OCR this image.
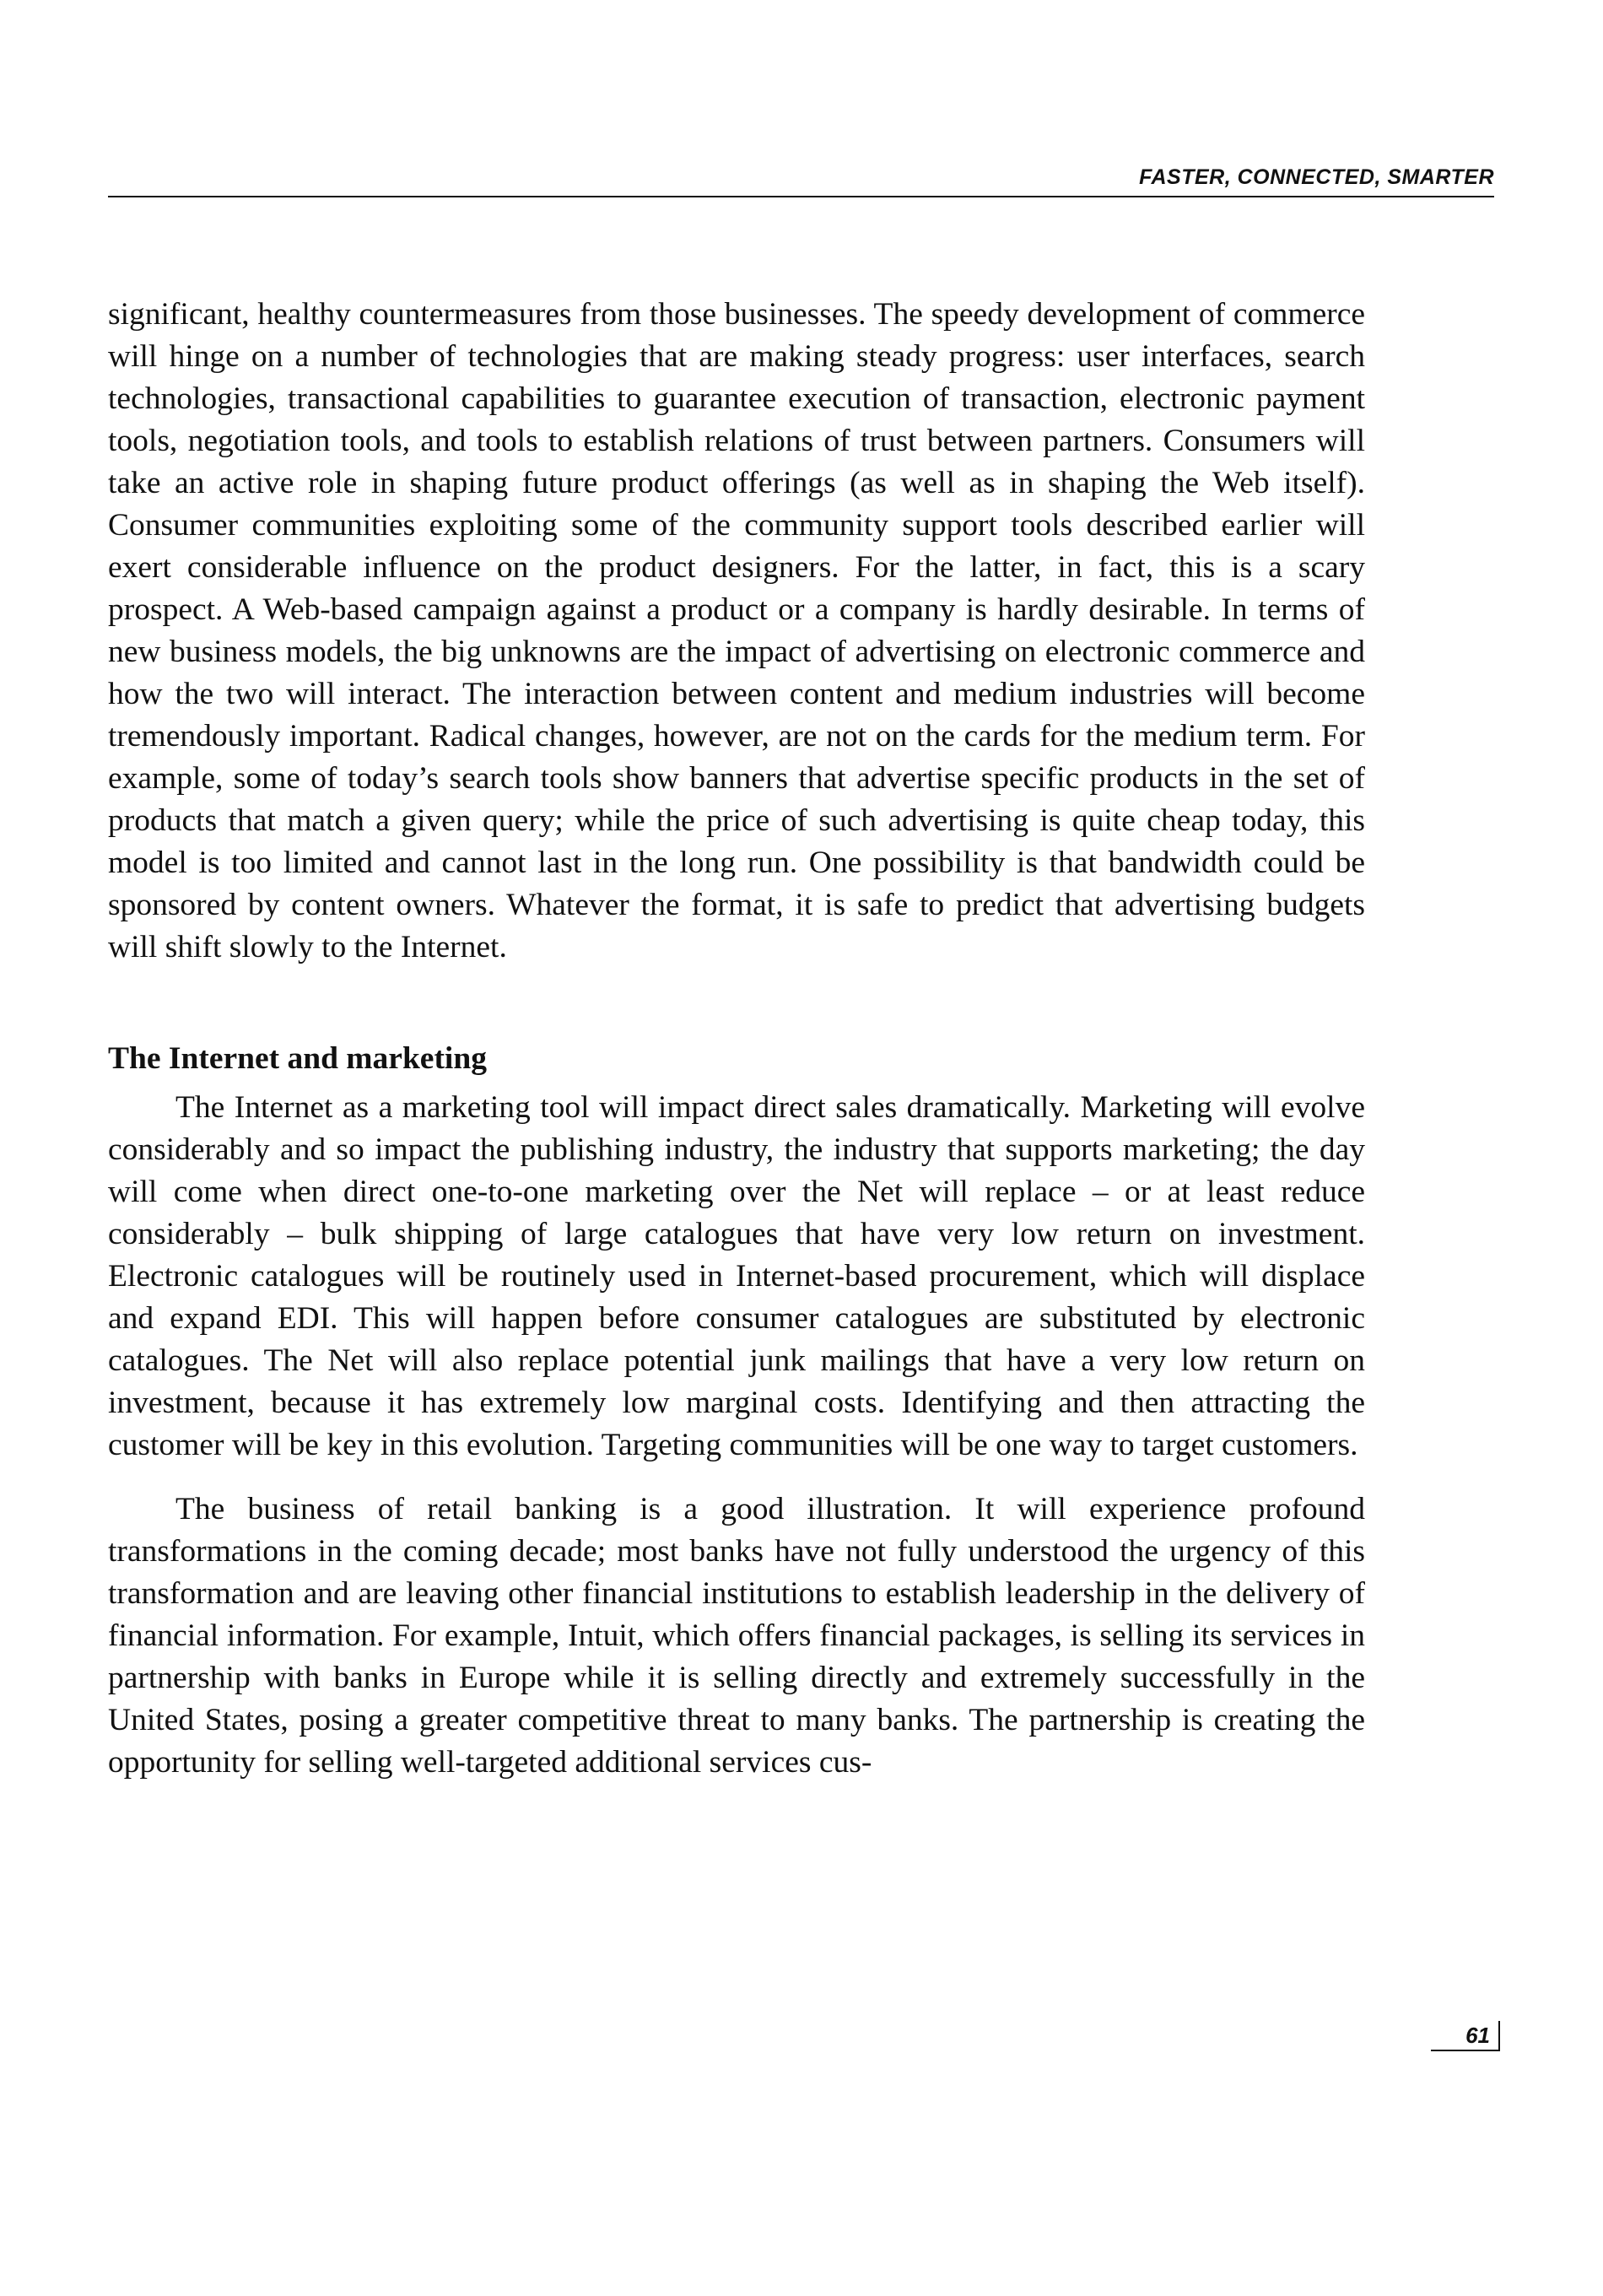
FASTER, CONNECTED, SMARTER

significant, healthy countermeasures from those businesses. The speedy development of commerce will hinge on a number of technologies that are making steady progress: user interfaces, search technologies, transactional capabilities to guarantee execution of transaction, electronic payment tools, negotiation tools, and tools to establish relations of trust between partners. Consumers will take an active role in shaping future product offerings (as well as in shaping the Web itself). Consumer communities exploiting some of the community support tools described earlier will exert considerable influence on the product designers. For the latter, in fact, this is a scary prospect. A Web-based campaign against a product or a company is hardly desirable. In terms of new business models, the big unknowns are the impact of advertising on electronic commerce and how the two will interact. The interaction between content and medium industries will become tremendously important. Radical changes, however, are not on the cards for the medium term. For example, some of today’s search tools show banners that advertise specific products in the set of products that match a given query; while the price of such advertising is quite cheap today, this model is too limited and cannot last in the long run. One possibility is that bandwidth could be sponsored by content owners. Whatever the format, it is safe to predict that advertising budgets will shift slowly to the Internet.

The Internet and marketing

The Internet as a marketing tool will impact direct sales dramatically. Marketing will evolve considerably and so impact the publishing industry, the industry that supports marketing; the day will come when direct one-to-one marketing over the Net will replace – or at least reduce considerably – bulk shipping of large catalogues that have very low return on investment. Electronic catalogues will be routinely used in Internet-based procurement, which will displace and expand EDI. This will happen before consumer catalogues are substituted by electronic catalogues. The Net will also replace potential junk mailings that have a very low return on investment, because it has extremely low marginal costs. Identifying and then attracting the customer will be key in this evolution. Targeting communities will be one way to target customers.

The business of retail banking is a good illustration. It will experience profound transformations in the coming decade; most banks have not fully understood the urgency of this transformation and are leaving other financial institutions to establish leadership in the delivery of financial information. For example, Intuit, which offers financial packages, is selling its services in partnership with banks in Europe while it is selling directly and extremely successfully in the United States, posing a greater competitive threat to many banks. The partnership is creating the opportunity for selling well-targeted additional services cus-

61
